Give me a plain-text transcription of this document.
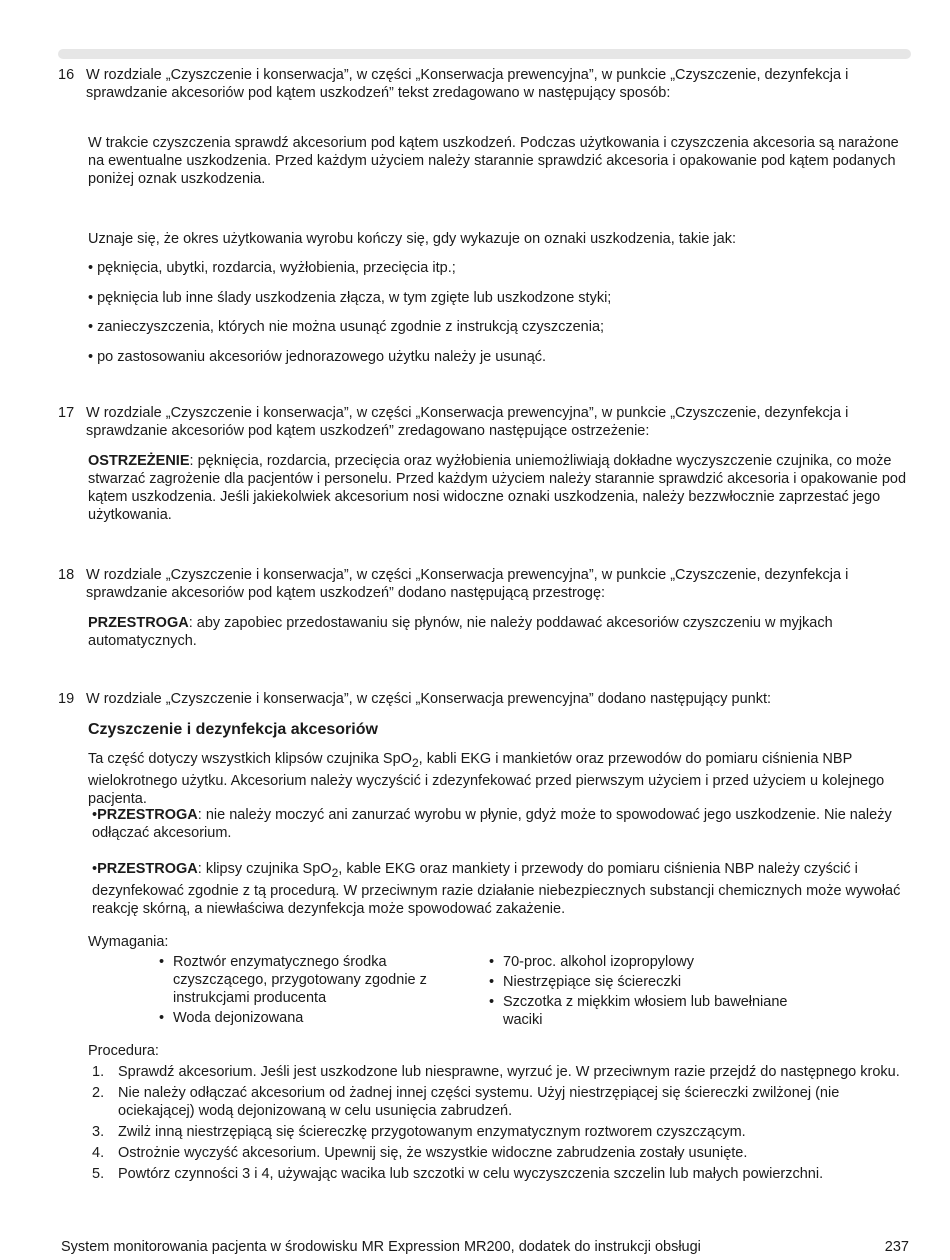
16 W rozdziale „Czyszczenie i konserwacja”, w części „Konserwacja prewencyjna”, w punkcie „Czyszczenie, dezynfekcja i sprawdzanie akcesoriów pod kątem uszkodzeń” tekst zredagowano w następujący sposób:
W trakcie czyszczenia sprawdź akcesorium pod kątem uszkodzeń. Podczas użytkowania i czyszczenia akcesoria są narażone na ewentualne uszkodzenia. Przed każdym użyciem należy starannie sprawdzić akcesoria i opakowanie pod kątem podanych poniżej oznak uszkodzenia.
Uznaje się, że okres użytkowania wyrobu kończy się, gdy wykazuje on oznaki uszkodzenia, takie jak:
• pęknięcia, ubytki, rozdarcia, wyżłobienia, przecięcia itp.;
• pęknięcia lub inne ślady uszkodzenia złącza, w tym zgięte lub uszkodzone styki;
• zanieczyszczenia, których nie można usunąć zgodnie z instrukcją czyszczenia;
• po zastosowaniu akcesoriów jednorazowego użytku należy je usunąć.
17 W rozdziale „Czyszczenie i konserwacja”, w części „Konserwacja prewencyjna”, w punkcie „Czyszczenie, dezynfekcja i sprawdzanie akcesoriów pod kątem uszkodzeń” zredagowano następujące ostrzeżenie:
OSTRZEŻENIE: pęknięcia, rozdarcia, przecięcia oraz wyżłobienia uniemożliwiają dokładne wyczyszczenie czujnika, co może stwarzać zagrożenie dla pacjentów i personelu. Przed każdym użyciem należy starannie sprawdzić akcesoria i opakowanie pod kątem uszkodzenia. Jeśli jakiekolwiek akcesorium nosi widoczne oznaki uszkodzenia, należy bezzwłocznie zaprzestać jego użytkowania.
18 W rozdziale „Czyszczenie i konserwacja”, w części „Konserwacja prewencyjna”, w punkcie „Czyszczenie, dezynfekcja i sprawdzanie akcesoriów pod kątem uszkodzeń” dodano następującą przestrogę:
PRZESTROGA: aby zapobiec przedostawaniu się płynów, nie należy poddawać akcesoriów czyszczeniu w myjkach automatycznych.
19 W rozdziale „Czyszczenie i konserwacja”, w części „Konserwacja prewencyjna” dodano następujący punkt:
Czyszczenie i dezynfekcja akcesoriów
Ta część dotyczy wszystkich klipsów czujnika SpO$_2$, kabli EKG i mankietów oraz przewodów do pomiaru ciśnienia NBP wielokrotnego użytku. Akcesorium należy wyczyścić i zdezynfekować przed pierwszym użyciem i przed użyciem u kolejnego pacjenta.
•PRZESTROGA: nie należy moczyć ani zanurzać wyrobu w płynie, gdyż może to spowodować jego uszkodzenie. Nie należy odłączać akcesorium.
•PRZESTROGA: klipsy czujnika SpO$_2$, kable EKG oraz mankiety i przewody do pomiaru ciśnienia NBP należy czyścić i dezynfekować zgodnie z tą procedurą. W przeciwnym razie działanie niebezpiecznych substancji chemicznych może wywołać reakcję skórną, a niewłaściwa dezynfekcja może spowodować zakażenie.
Wymagania:
• Roztwór enzymatycznego środka czyszczącego, przygotowany zgodnie z instrukcjami producenta
• Woda dejonizowana
• 70-proc. alkohol izopropylowy
• Niestrzępiące się ściereczki
• Szczotka z miękkim włosiem lub bawełniane waciki
Procedura:
1. Sprawdź akcesorium. Jeśli jest uszkodzone lub niesprawne, wyrzuć je. W przeciwnym razie przejdź do następnego kroku.
2. Nie należy odłączać akcesorium od żadnej innej części systemu. Użyj niestrzępiącej się ściereczki zwilżonej (nie ociekającej) wodą dejonizowaną w celu usunięcia zabrudzeń.
3. Zwilż inną niestrzępiącą się ściereczkę przygotowanym enzymatycznym roztworem czyszczącym.
4. Ostrożnie wyczyść akcesorium. Upewnij się, że wszystkie widoczne zabrudzenia zostały usunięte.
5. Powtórz czynności 3 i 4, używając wacika lub szczotki w celu wyczyszczenia szczelin lub małych powierzchni.
System monitorowania pacjenta w środowisku MR Expression MR200, dodatek do instrukcji obsługi	237
